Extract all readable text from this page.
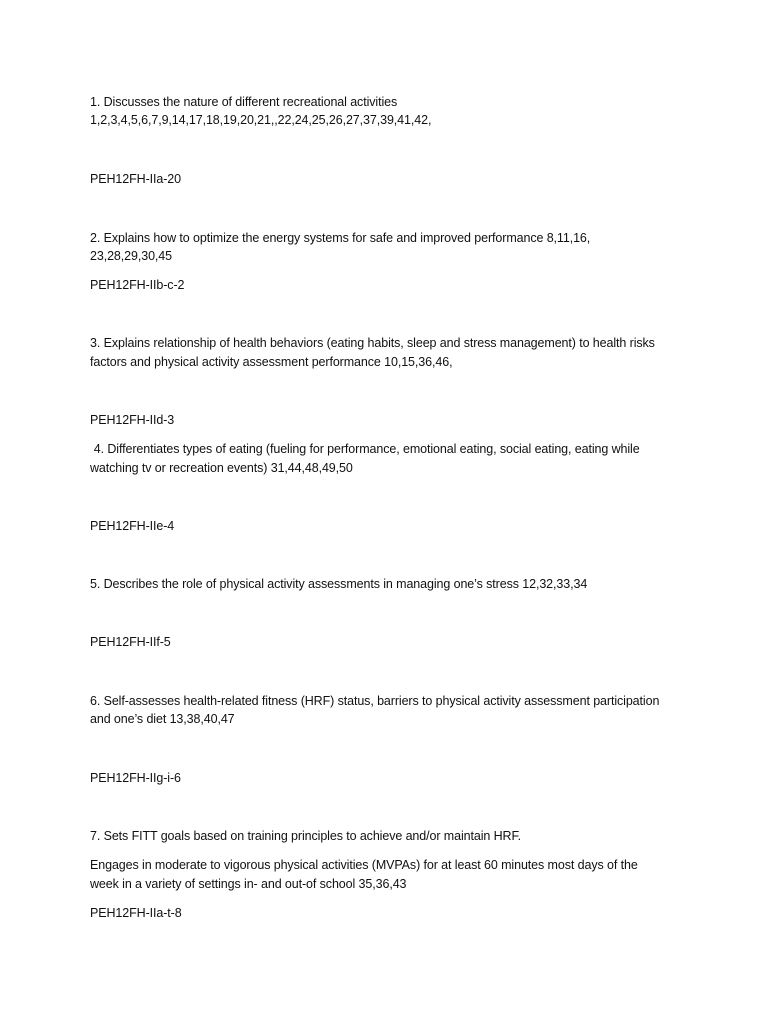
1. Discusses the nature of different recreational activities
1,2,3,4,5,6,7,9,14,17,18,19,20,21,,22,24,25,26,27,37,39,41,42,
PEH12FH-IIa-20
2. Explains how to optimize the energy systems for safe and improved performance 8,11,16,
23,28,29,30,45
PEH12FH-IIb-c-2
3. Explains relationship of health behaviors (eating habits, sleep and stress management) to health risks
factors and physical activity assessment performance 10,15,36,46,
PEH12FH-IId-3
4. Differentiates types of eating (fueling for performance, emotional eating, social eating, eating while
watching tv or recreation events) 31,44,48,49,50
PEH12FH-IIe-4
5. Describes the role of physical activity assessments in managing one’s stress 12,32,33,34
PEH12FH-IIf-5
6. Self-assesses health-related fitness (HRF) status, barriers to physical activity assessment participation
and one’s diet 13,38,40,47
PEH12FH-IIg-i-6
7. Sets FITT goals based on training principles to achieve and/or maintain HRF.
Engages in moderate to vigorous physical activities (MVPAs) for at least 60 minutes most days of the
week in a variety of settings in- and out-of school 35,36,43
PEH12FH-IIa-t-8
